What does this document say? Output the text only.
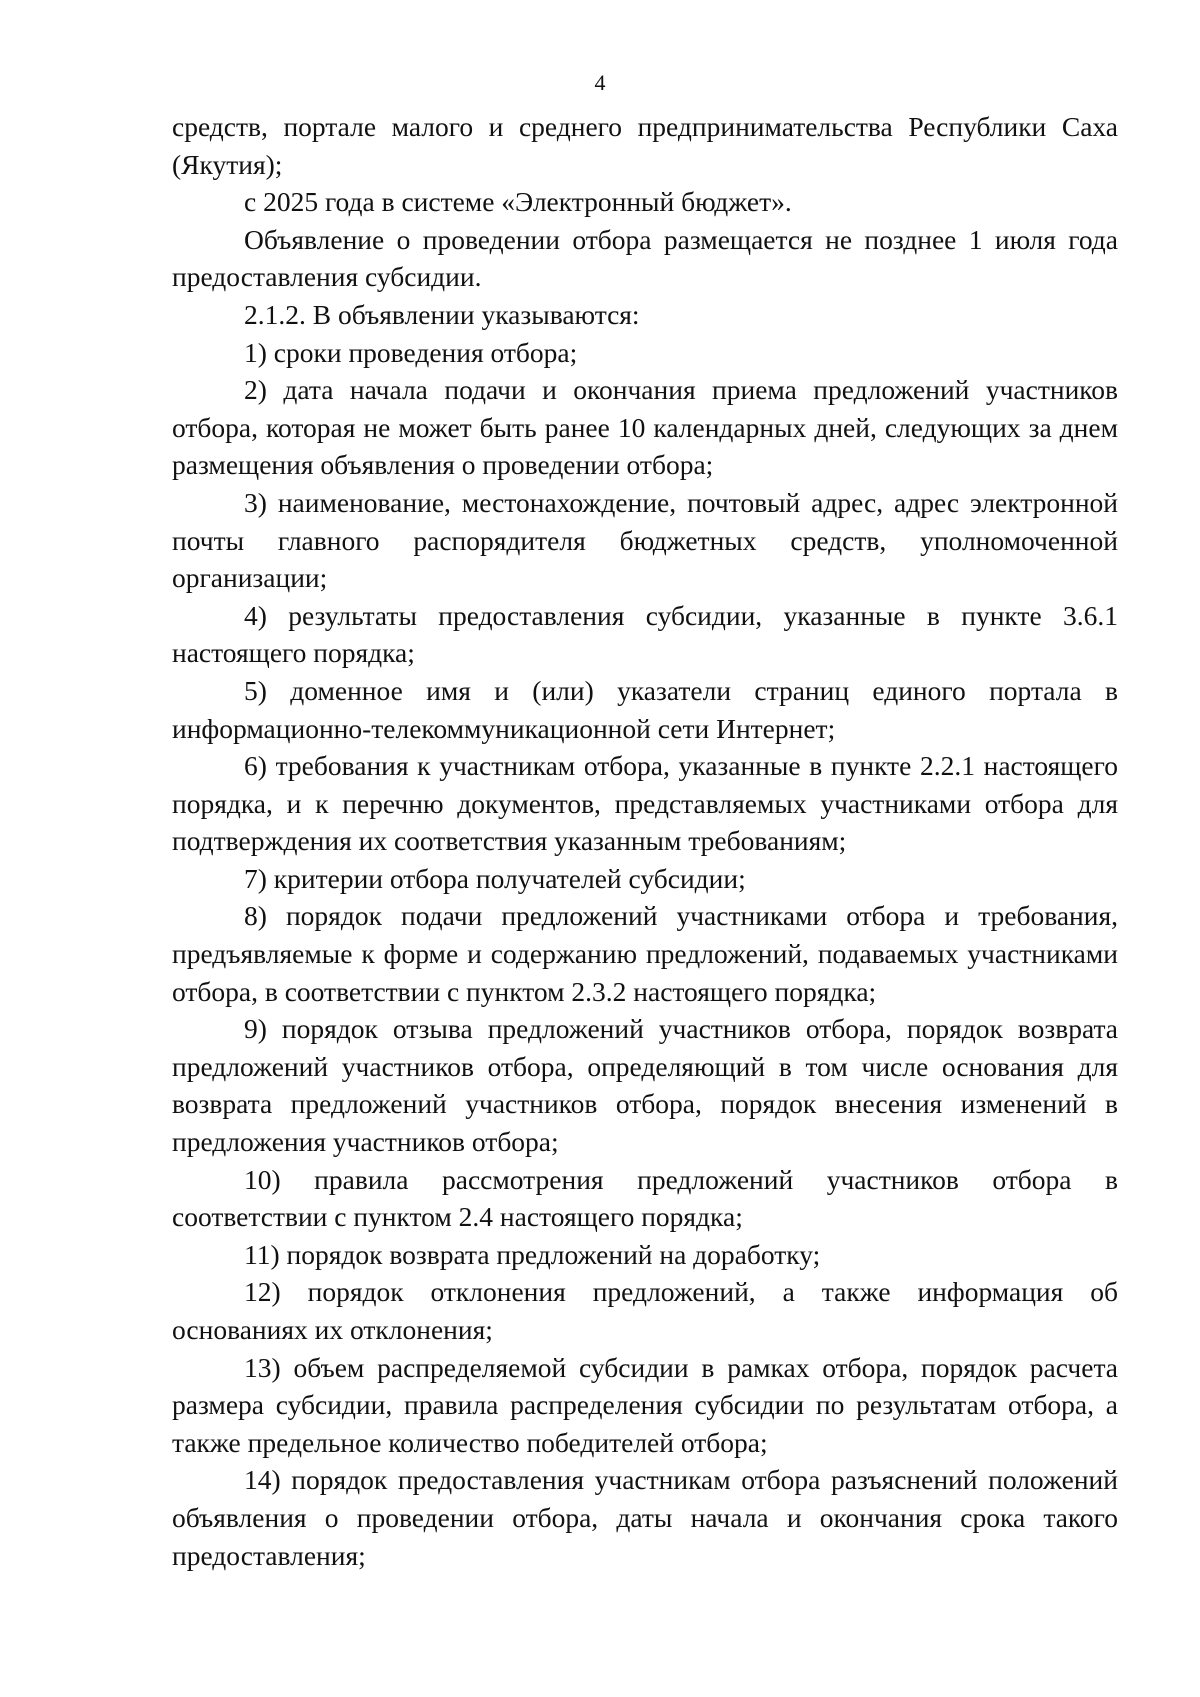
4

средств, портале малого и среднего предпринимательства Республики Саха (Якутия);

с 2025 года в системе «Электронный бюджет».

Объявление о проведении отбора размещается не позднее 1 июля года предоставления субсидии.

2.1.2. В объявлении указываются:

1) сроки проведения отбора;

2) дата начала подачи и окончания приема предложений участников отбора, которая не может быть ранее 10 календарных дней, следующих за днем размещения объявления о проведении отбора;

3) наименование, местонахождение, почтовый адрес, адрес электронной почты главного распорядителя бюджетных средств, уполномоченной организации;

4) результаты предоставления субсидии, указанные в пункте 3.6.1 настоящего порядка;

5) доменное имя и (или) указатели страниц единого портала в информационно-телекоммуникационной сети Интернет;

6) требования к участникам отбора, указанные в пункте 2.2.1 настоящего порядка, и к перечню документов, представляемых участниками отбора для подтверждения их соответствия указанным требованиям;

7) критерии отбора получателей субсидии;

8) порядок подачи предложений участниками отбора и требования, предъявляемые к форме и содержанию предложений, подаваемых участниками отбора, в соответствии с пунктом 2.3.2 настоящего порядка;

9) порядок отзыва предложений участников отбора, порядок возврата предложений участников отбора, определяющий в том числе основания для возврата предложений участников отбора, порядок внесения изменений в предложения участников отбора;

10) правила рассмотрения предложений участников отбора в соответствии с пунктом 2.4 настоящего порядка;

11) порядок возврата предложений на доработку;

12) порядок отклонения предложений, а также информация об основаниях их отклонения;

13) объем распределяемой субсидии в рамках отбора, порядок расчета размера субсидии, правила распределения субсидии по результатам отбора, а также предельное количество победителей отбора;

14) порядок предоставления участникам отбора разъяснений положений объявления о проведении отбора, даты начала и окончания срока такого предоставления;
